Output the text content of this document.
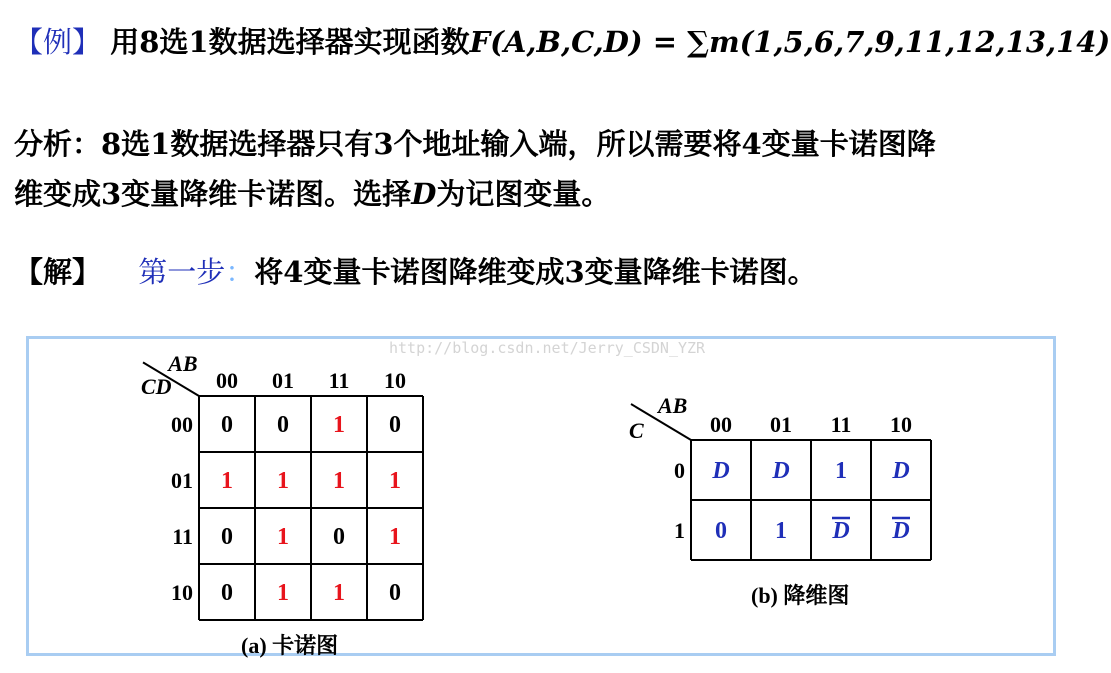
【例】 用8选1数据选择器实现函数F(A,B,C,D) = ∑m(1,5,6,7,9,11,12,13,14)
分析：8选1数据选择器只有3个地址输入端，所以需要将4变量卡诺图降
维变成3变量降维卡诺图。选择D为记图变量。
【解】 第一步：将4变量卡诺图降维变成3变量降维卡诺图。
http://blog.csdn.net/Jerry_CSDN_YZR
AB
CD 00 01 11 10
00
01
11
10
0 0 1 0
1 1 1 1
0 1 0 1
0 1 1 0
AB
C	00 01 11 10
0
1
D D 1 D
0 1 D D
(a) 卡诺图
(b) 降维图
